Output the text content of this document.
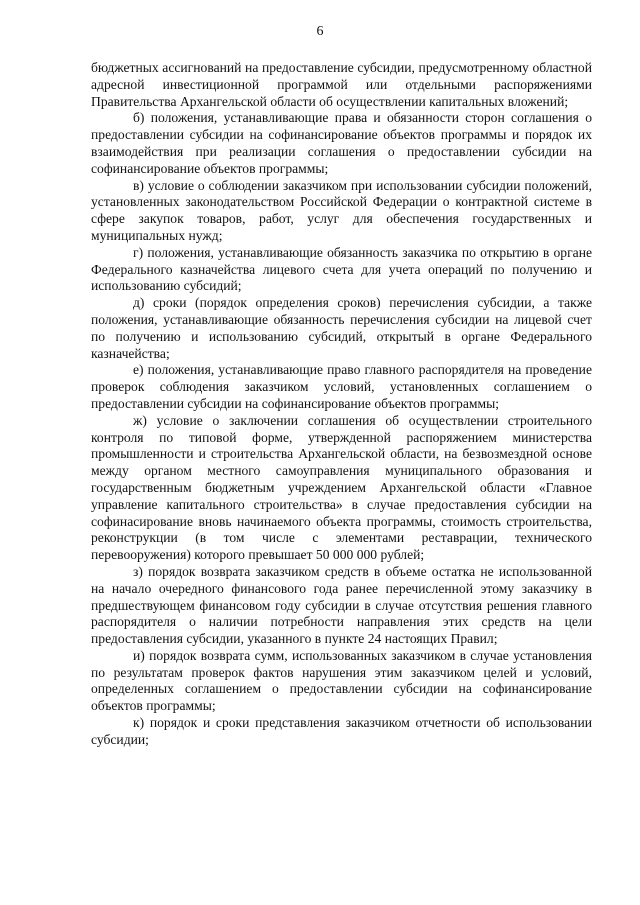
6

бюджетных ассигнований на предоставление субсидии, предусмотренному областной адресной инвестиционной программой или отдельными распоряжениями Правительства Архангельской области об осуществлении капитальных вложений;

б) положения, устанавливающие права и обязанности сторон соглашения о предоставлении субсидии на софинансирование объектов программы и порядок их взаимодействия при реализации соглашения о предоставлении субсидии на софинансирование объектов программы;

в) условие о соблюдении заказчиком при использовании субсидии положений, установленных законодательством Российской Федерации о контрактной системе в сфере закупок товаров, работ, услуг для обеспечения государственных и муниципальных нужд;

г) положения, устанавливающие обязанность заказчика по открытию в органе Федерального казначейства лицевого счета для учета операций по получению и использованию субсидий;

д) сроки (порядок определения сроков) перечисления субсидии, а также положения, устанавливающие обязанность перечисления субсидии на лицевой счет по получению и использованию субсидий, открытый в органе Федерального казначейства;

е) положения, устанавливающие право главного распорядителя на проведение проверок соблюдения заказчиком условий, установленных соглашением о предоставлении субсидии на софинансирование объектов программы;

ж) условие о заключении соглашения об осуществлении строительного контроля по типовой форме, утвержденной распоряжением министерства промышленности и строительства Архангельской области, на безвозмездной основе между органом местного самоуправления муниципального образования и государственным бюджетным учреждением Архангельской области «Главное управление капитального строительства» в случае предоставления субсидии на софинасирование вновь начинаемого объекта программы, стоимость строительства, реконструкции (в том числе с элементами реставрации, технического перевооружения) которого превышает 50 000 000 рублей;

з) порядок возврата заказчиком средств в объеме остатка не использованной на начало очередного финансового года ранее перечисленной этому заказчику в предшествующем финансовом году субсидии в случае отсутствия решения главного распорядителя о наличии потребности направления этих средств на цели предоставления субсидии, указанного в пункте 24 настоящих Правил;

и) порядок возврата сумм, использованных заказчиком в случае установления по результатам проверок фактов нарушения этим заказчиком целей и условий, определенных соглашением о предоставлении субсидии на софинансирование объектов программы;

к) порядок и сроки представления заказчиком отчетности об использовании субсидии;
